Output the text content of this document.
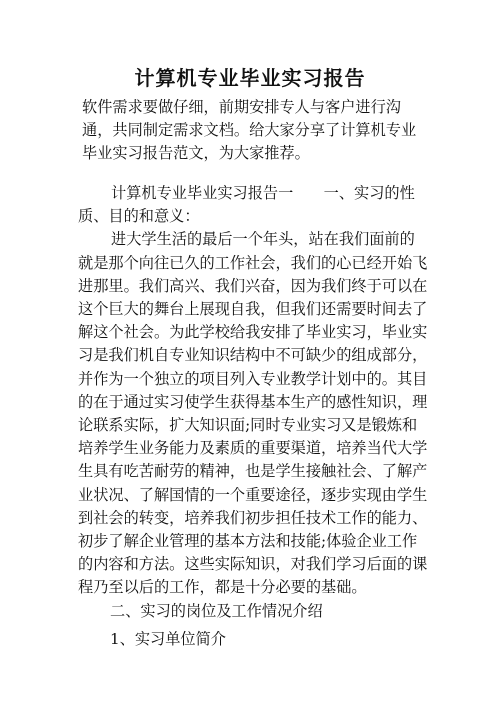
计算机专业毕业实习报告
软件需求要做仔细，前期安排专人与客户进行沟通，共同制定需求文档。给大家分享了计算机专业毕业实习报告范文，为大家推荐。
计算机专业毕业实习报告一　　一、实习的性质、目的和意义：
进大学生活的最后一个年头，站在我们面前的就是那个向往已久的工作社会，我们的心已经开始飞进那里。我们高兴、我们兴奋，因为我们终于可以在这个巨大的舞台上展现自我，但我们还需要时间去了解这个社会。为此学校给我安排了毕业实习，毕业实习是我们机自专业知识结构中不可缺少的组成部分，并作为一个独立的项目列入专业教学计划中的。其目的在于通过实习使学生获得基本生产的感性知识，理论联系实际，扩大知识面;同时专业实习又是锻炼和培养学生业务能力及素质的重要渠道，培养当代大学生具有吃苦耐劳的精神，也是学生接触社会、了解产业状况、了解国情的一个重要途径，逐步实现由学生到社会的转变，培养我们初步担任技术工作的能力、初步了解企业管理的基本方法和技能;体验企业工作的内容和方法。这些实际知识，对我们学习后面的课程乃至以后的工作，都是十分必要的基础。
二、实习的岗位及工作情况介绍
1、实习单位简介
